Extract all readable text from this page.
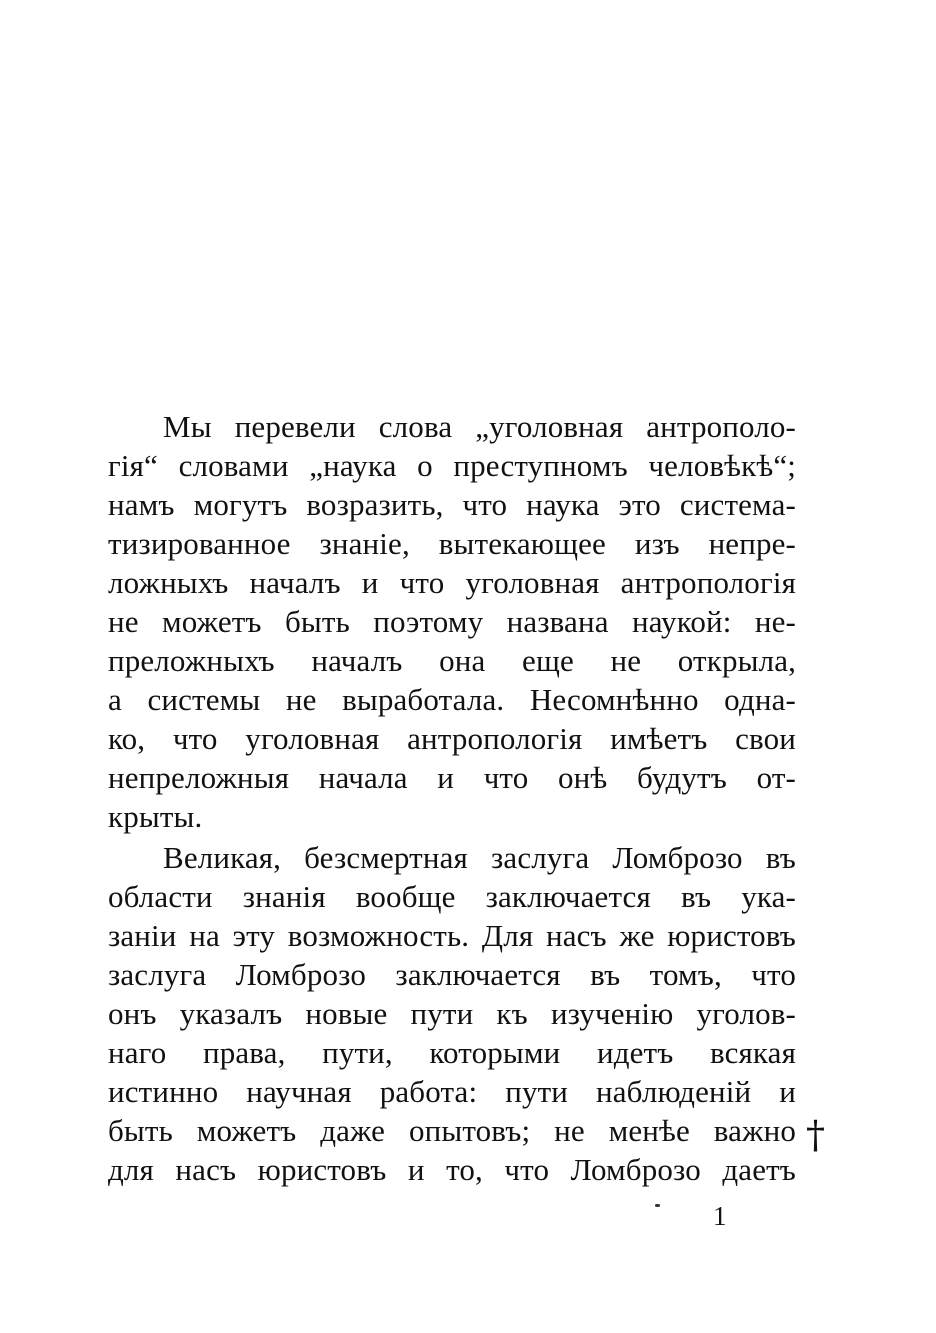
Мы перевели слова „уголовная антрополо-
гія“ словами „наука о преступномъ человѣкѣ“;
намъ могутъ возразить, что наука это система-
тизированное знаніе, вытекающее изъ непре-
ложныхъ началъ и что уголовная антропологія
не можетъ быть поэтому названа наукой: не-
преложныхъ началъ она еще не открыла,
а системы не выработала. Несомнѣнно одна-
ко, что уголовная антропологія имѣетъ свои
непреложныя начала и что онѣ будутъ от-
крыты.
Великая, безсмертная заслуга Ломброзо въ
области знанія вообще заключается въ ука-
заніи на эту возможность. Для насъ же юристовъ
заслуга Ломброзо заключается въ томъ, что
онъ указалъ новые пути къ изученію уголов-
наго права, пути, которыми идетъ всякая
истинно научная работа: пути наблюденій и
быть можетъ даже опытовъ; не менѣе важно
для насъ юристовъ и то, что Ломброзо даетъ
†
1
